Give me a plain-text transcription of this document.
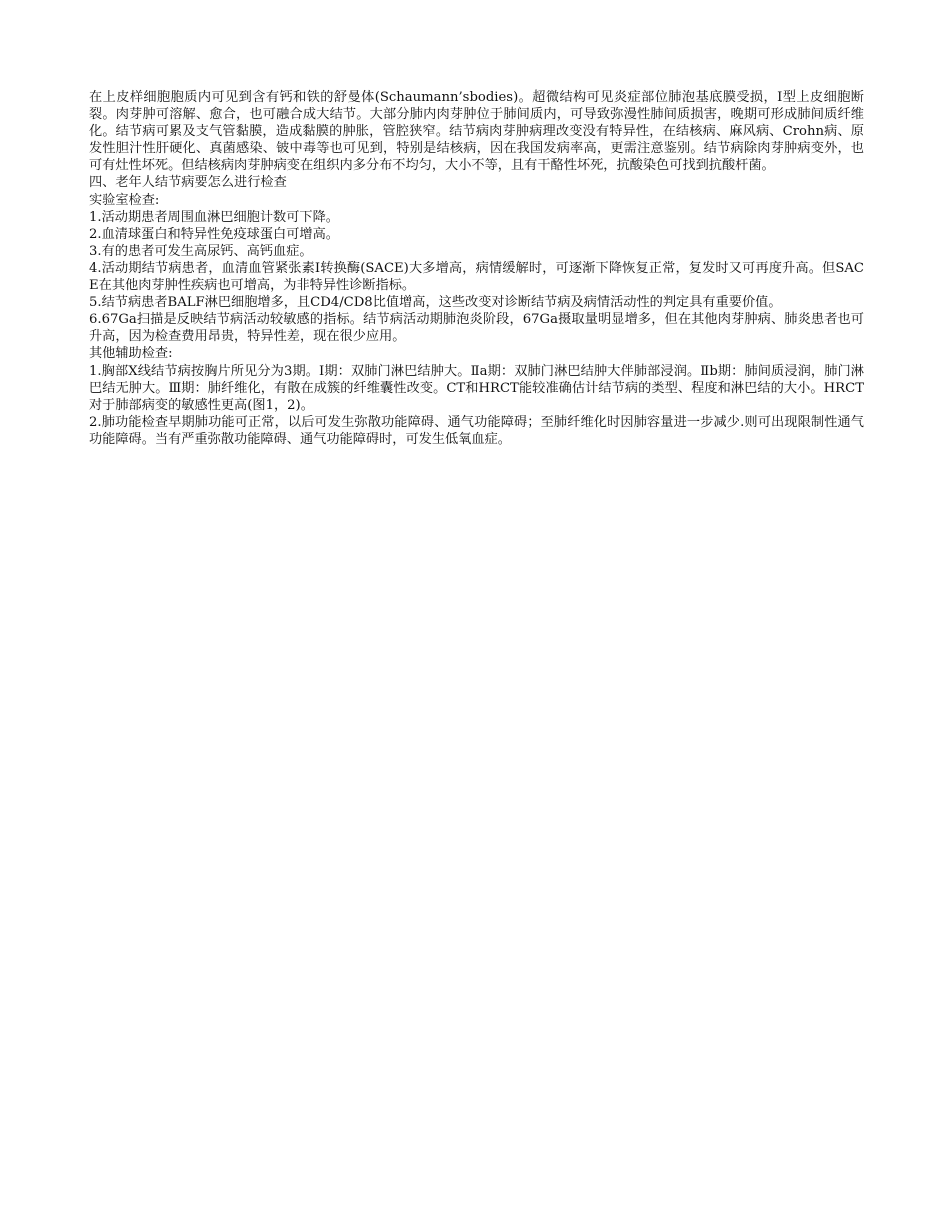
在上皮样细胞胞质内可见到含有钙和铁的舒曼体(Schaumann’sbodies)。超微结构可见炎症部位肺泡基底膜受损，Ⅰ型上皮细胞断裂。肉芽肿可溶解、愈合，也可融合成大结节。大部分肺内肉芽肿位于肺间质内，可导致弥漫性肺间质损害，晚期可形成肺间质纤维化。结节病可累及支气管黏膜，造成黏膜的肿胀，管腔狭窄。结节病肉芽肿病理改变没有特异性，在结核病、麻风病、Crohn病、原发性胆汁性肝硬化、真菌感染、铍中毒等也可见到，特别是结核病，因在我国发病率高，更需注意鉴别。结节病除肉芽肿病变外，也可有灶性坏死。但结核病肉芽肿病变在组织内多分布不均匀，大小不等，且有干酪性坏死，抗酸染色可找到抗酸杆菌。

四、老年人结节病要怎么进行检查

实验室检查:

1.活动期患者周围血淋巴细胞计数可下降。

2.血清球蛋白和特异性免疫球蛋白可增高。

3.有的患者可发生高尿钙、高钙血症。

4.活动期结节病患者，血清血管紧张素Ⅰ转换酶(SACE)大多增高，病情缓解时，可逐渐下降恢复正常，复发时又可再度升高。但SACE在其他肉芽肿性疾病也可增高，为非特异性诊断指标。

5.结节病患者BALF淋巴细胞增多，且CD4/CD8比值增高，这些改变对诊断结节病及病情活动性的判定具有重要价值。

6.67Ga扫描是反映结节病活动较敏感的指标。结节病活动期肺泡炎阶段，67Ga摄取量明显增多，但在其他肉芽肿病、肺炎患者也可升高，因为检查费用昂贵，特异性差，现在很少应用。

其他辅助检查:

1.胸部X线结节病按胸片所见分为3期。Ⅰ期：双肺门淋巴结肿大。Ⅱa期：双肺门淋巴结肿大伴肺部浸润。Ⅱb期：肺间质浸润，肺门淋巴结无肿大。Ⅲ期：肺纤维化，有散在成簇的纤维囊性改变。CT和HRCT能较准确估计结节病的类型、程度和淋巴结的大小。HRCT对于肺部病变的敏感性更高(图1，2)。

2.肺功能检查早期肺功能可正常，以后可发生弥散功能障碍、通气功能障碍；至肺纤维化时因肺容量进一步减少.则可出现限制性通气功能障碍。当有严重弥散功能障碍、通气功能障碍时，可发生低氧血症。
